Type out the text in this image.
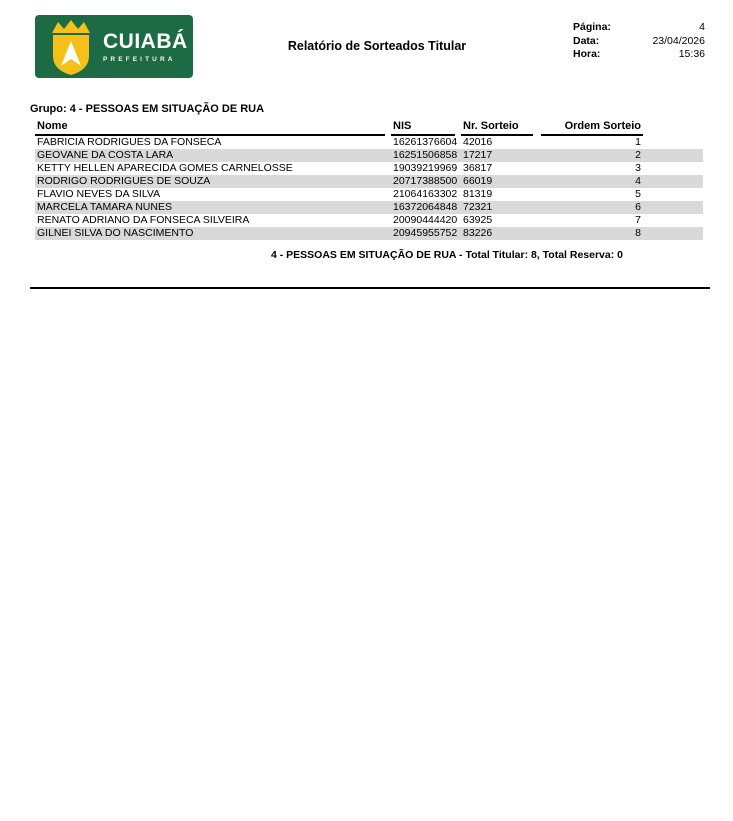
CUIABÁ
PREFEITURA
Relatório de Sorteados Titular
Página:	4
Data:	23/04/2026
Hora:	15:36
Grupo: 4 - PESSOAS EM SITUAÇÃO DE RUA
Nome	NIS	Nr. Sorteio	Ordem Sorteio
FABRICIA RODRIGUES DA FONSECA	16261376604 42016	1
GEOVANE DA COSTA LARA	16251506858 17217	2
KETTY HELLEN APARECIDA GOMES CARNELOSSE	19039219969 36817	3
RODRIGO RODRIGUES DE SOUZA	20717388500 66019	4
FLAVIO NEVES DA SILVA	21064163302 81319	5
MARCELA TAMARA NUNES	16372064848 72321	6
RENATO ADRIANO DA FONSECA SILVEIRA	20090444420 63925	7
GILNEI SILVA DO NASCIMENTO	20945955752 83226	8
4 - PESSOAS EM SITUAÇÃO DE RUA - Total Titular: 8, Total Reserva: 0
